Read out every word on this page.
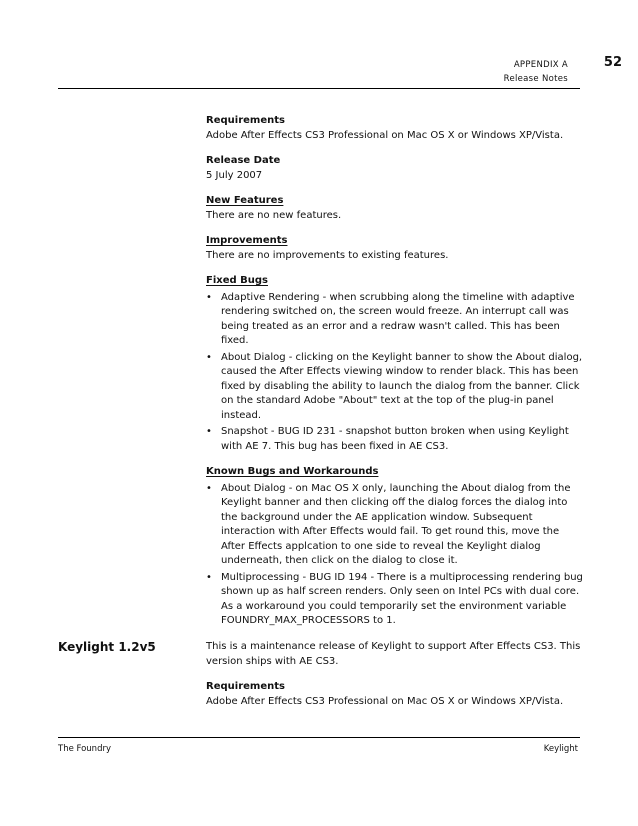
APPENDIX A
Release Notes
52

Requirements

Adobe After Effects CS3 Professional on Mac OS X or Windows XP/Vista.

Release Date

5 July 2007

New Features

There are no new features.

Improvements

There are no improvements to existing features.

Fixed Bugs

• Adaptive Rendering - when scrubbing along the timeline with adaptive rendering switched on, the screen would freeze. An interrupt call was being treated as an error and a redraw wasn't called. This has been fixed.
• About Dialog - clicking on the Keylight banner to show the About dialog, caused the After Effects viewing window to render black. This has been fixed by disabling the ability to launch the dialog from the banner. Click on the standard Adobe "About" text at the top of the plug-in panel instead.
• Snapshot - BUG ID 231 - snapshot button broken when using Keylight with AE 7. This bug has been fixed in AE CS3.

Known Bugs and Workarounds

• About Dialog - on Mac OS X only, launching the About dialog from the Keylight banner and then clicking off the dialog forces the dialog into the background under the AE application window. Subsequent interaction with After Effects would fail. To get round this, move the After Effects applcation to one side to reveal the Keylight dialog underneath, then click on the dialog to close it.
• Multiprocessing - BUG ID 194 - There is a multiprocessing rendering bug shown up as half screen renders. Only seen on Intel PCs with dual core. As a workaround you could temporarily set the environment variable FOUNDRY_MAX_PROCESSORS to 1.
Keylight 1.2v5	This is a maintenance release of Keylight to support After Effects CS3. This version ships with AE CS3.

Requirements

Adobe After Effects CS3 Professional on Mac OS X or Windows XP/Vista.

The Foundry	Keylight
